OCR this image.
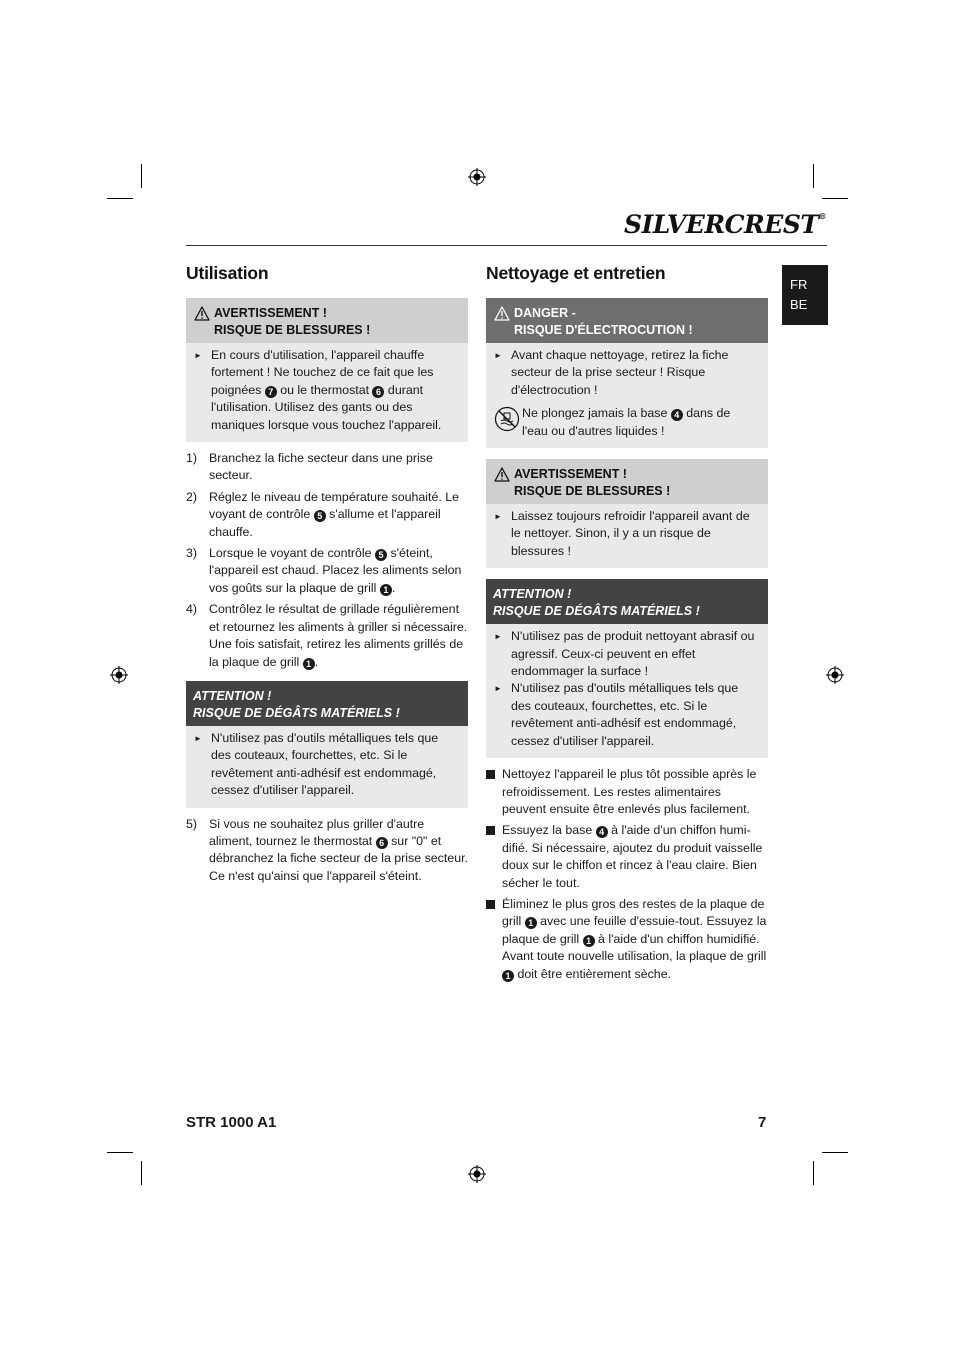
SILVERCREST®
FR
BE
Utilisation
AVERTISSEMENT !
RISQUE DE BLESSURES !
► En cours d'utilisation, l'appareil chauffe fortement ! Ne touchez de ce fait que les poignées 7 ou le thermostat 6 durant l'utilisation. Utilisez des gants ou des maniques lorsque vous touchez l'appareil.
1) Branchez la fiche secteur dans une prise secteur.
2) Réglez le niveau de température souhaité. Le voyant de contrôle 5 s'allume et l'appareil chauffe.
3) Lorsque le voyant de contrôle 5 s'éteint, l'appareil est chaud. Placez les aliments selon vos goûts sur la plaque de grill 1 .
4) Contrôlez le résultat de grillade régulièrement et retournez les aliments à griller si nécessaire. Une fois satisfait, retirez les aliments grillés de la plaque de grill 1 .
ATTENTION !
RISQUE DE DÉGÂTS MATÉRIELS !
► N'utilisez pas d'outils métalliques tels que des couteaux, fourchettes, etc. Si le revêtement anti-adhésif est endommagé, cessez d'utiliser l'appareil.
5) Si vous ne souhaitez plus griller d'autre aliment, tournez le thermostat 6 sur "0" et débranchez la fiche secteur de la prise secteur. Ce n'est qu'ainsi que l'appareil s'éteint.
Nettoyage et entretien
DANGER -
RISQUE D'ÉLECTROCUTION !
► Avant chaque nettoyage, retirez la fiche secteur de la prise secteur ! Risque d'électrocution !
Ne plongez jamais la base 4 dans de l'eau ou d'autres liquides !
AVERTISSEMENT !
RISQUE DE BLESSURES !
► Laissez toujours refroidir l'appareil avant de le nettoyer. Sinon, il y a un risque de blessures !
ATTENTION !
RISQUE DE DÉGÂTS MATÉRIELS !
► N'utilisez pas de produit nettoyant abrasif ou agressif. Ceux-ci peuvent en effet endommager la surface !
► N'utilisez pas d'outils métalliques tels que des couteaux, fourchettes, etc. Si le revêtement anti-adhésif est endommagé, cessez d'utiliser l'appareil.
Nettoyez l'appareil le plus tôt possible après le refroidissement. Les restes alimentaires peuvent ensuite être enlevés plus facilement.
Essuyez la base 4 à l'aide d'un chiffon humi-difié. Si nécessaire, ajoutez du produit vaisselle doux sur le chiffon et rincez à l'eau claire. Bien sécher le tout.
Éliminez le plus gros des restes de la plaque de grill 1 avec une feuille d'essuie-tout. Essuyez la plaque de grill 1 à l'aide d'un chiffon humidifié. Avant toute nouvelle utilisation, la plaque de grill 1 doit être entièrement sèche.
STR 1000 A1	7
